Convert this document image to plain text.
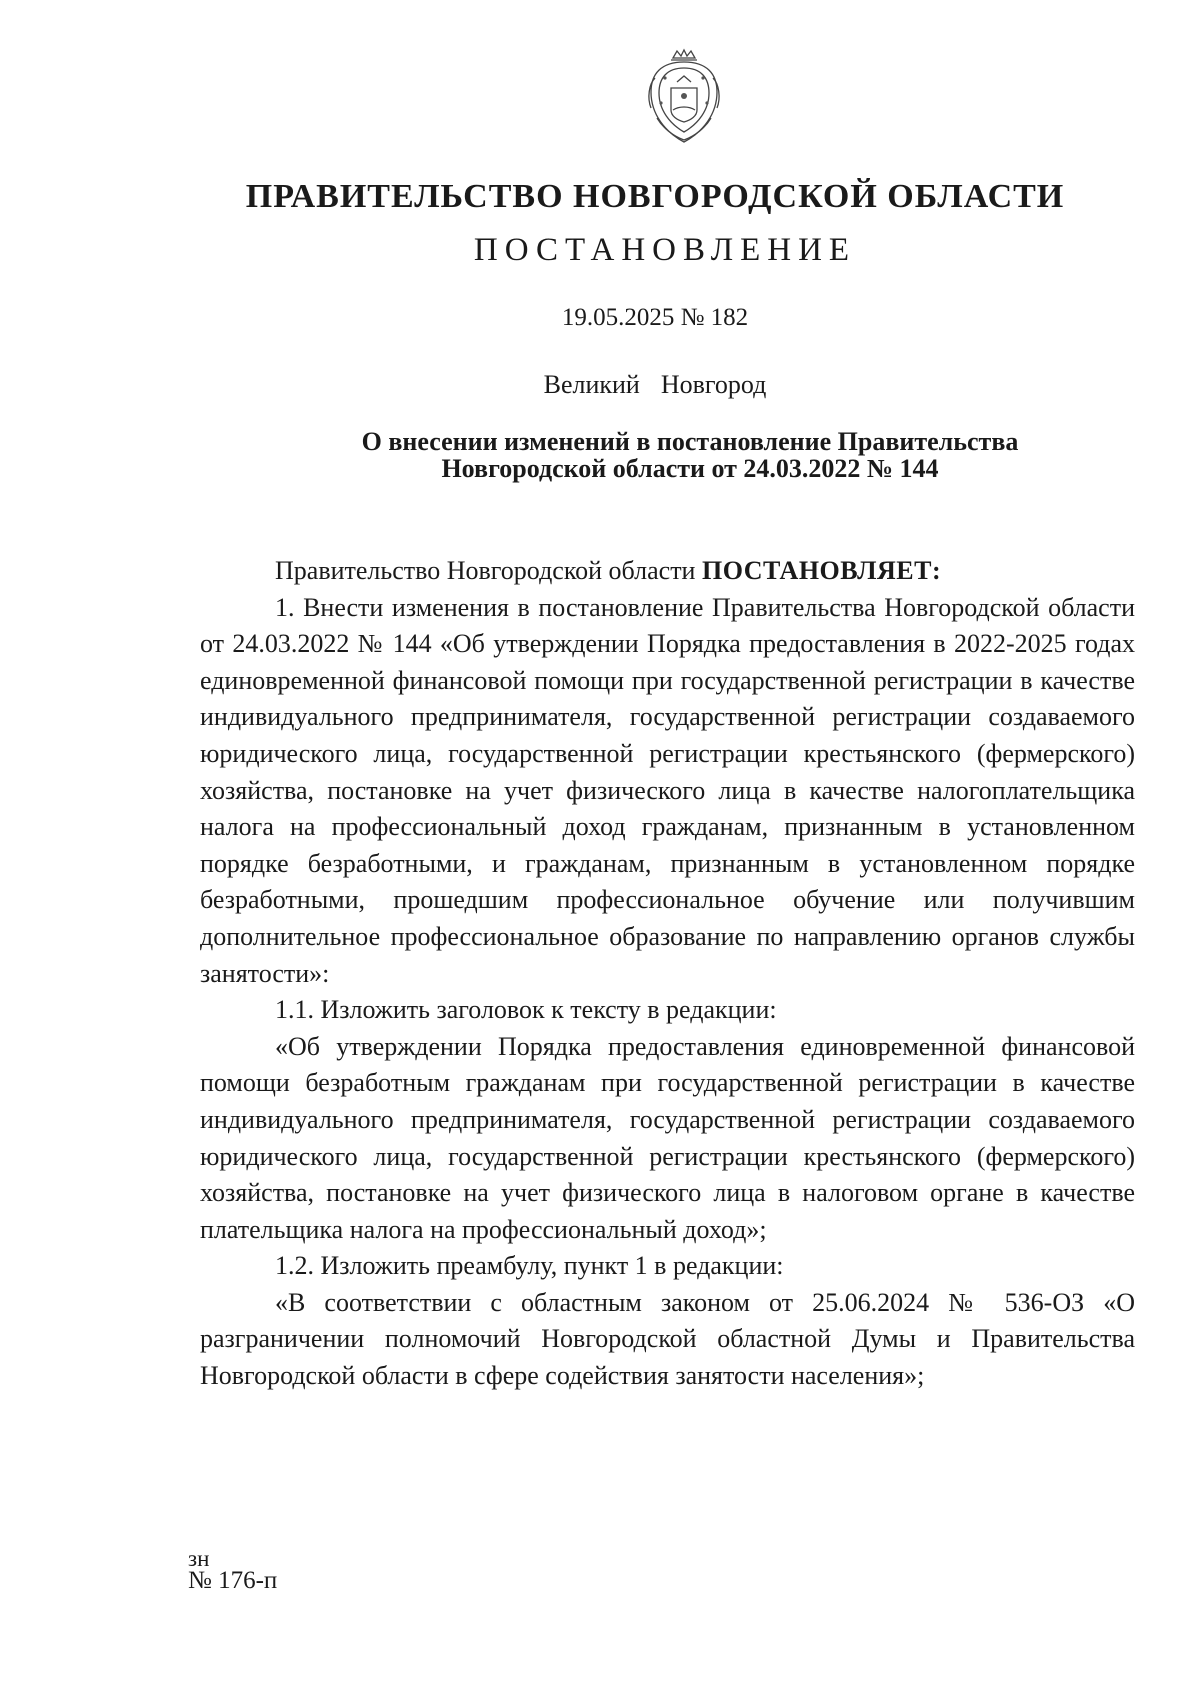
ПРАВИТЕЛЬСТВО НОВГОРОДСКОЙ ОБЛАСТИ
ПОСТАНОВЛЕНИЕ
19.05.2025 № 182
Великий  Новгород
О внесении изменений в постановление Правительства
Новгородской области от 24.03.2022 № 144

Правительство Новгородской области ПОСТАНОВЛЯЕТ:

1. Внести изменения в постановление Правительства Новгородской области от 24.03.2022 № 144 «Об утверждении Порядка предоставления в 2022-2025 годах единовременной финансовой помощи при государственной регистрации в качестве индивидуального предпринимателя, государственной регистрации создаваемого юридического лица, государственной регистрации крестьянского (фермерского) хозяйства, постановке на учет физического лица в качестве налогоплательщика налога на профессиональный доход гражданам, признанным в установленном порядке безработными, и гражданам, признанным в установленном порядке безработными, прошедшим профессиональное обучение или получившим дополнительное профессиональное образование по направлению органов службы занятости»:

1.1. Изложить заголовок к тексту в редакции:

«Об утверждении Порядка предоставления единовременной финансовой помощи безработным гражданам при государственной регистрации в качестве индивидуального предпринимателя, государственной регистрации создаваемого юридического лица, государственной регистрации крестьянского (фермерского) хозяйства, постановке на учет физического лица в налоговом органе в качестве плательщика налога на профессиональный доход»;

1.2. Изложить преамбулу, пункт 1 в редакции:

«В соответствии с областным законом от 25.06.2024 № 536-ОЗ «О разграничении полномочий Новгородской областной Думы и Правительства Новгородской области в сфере содействия занятости населения»;

зн
№ 176-п
